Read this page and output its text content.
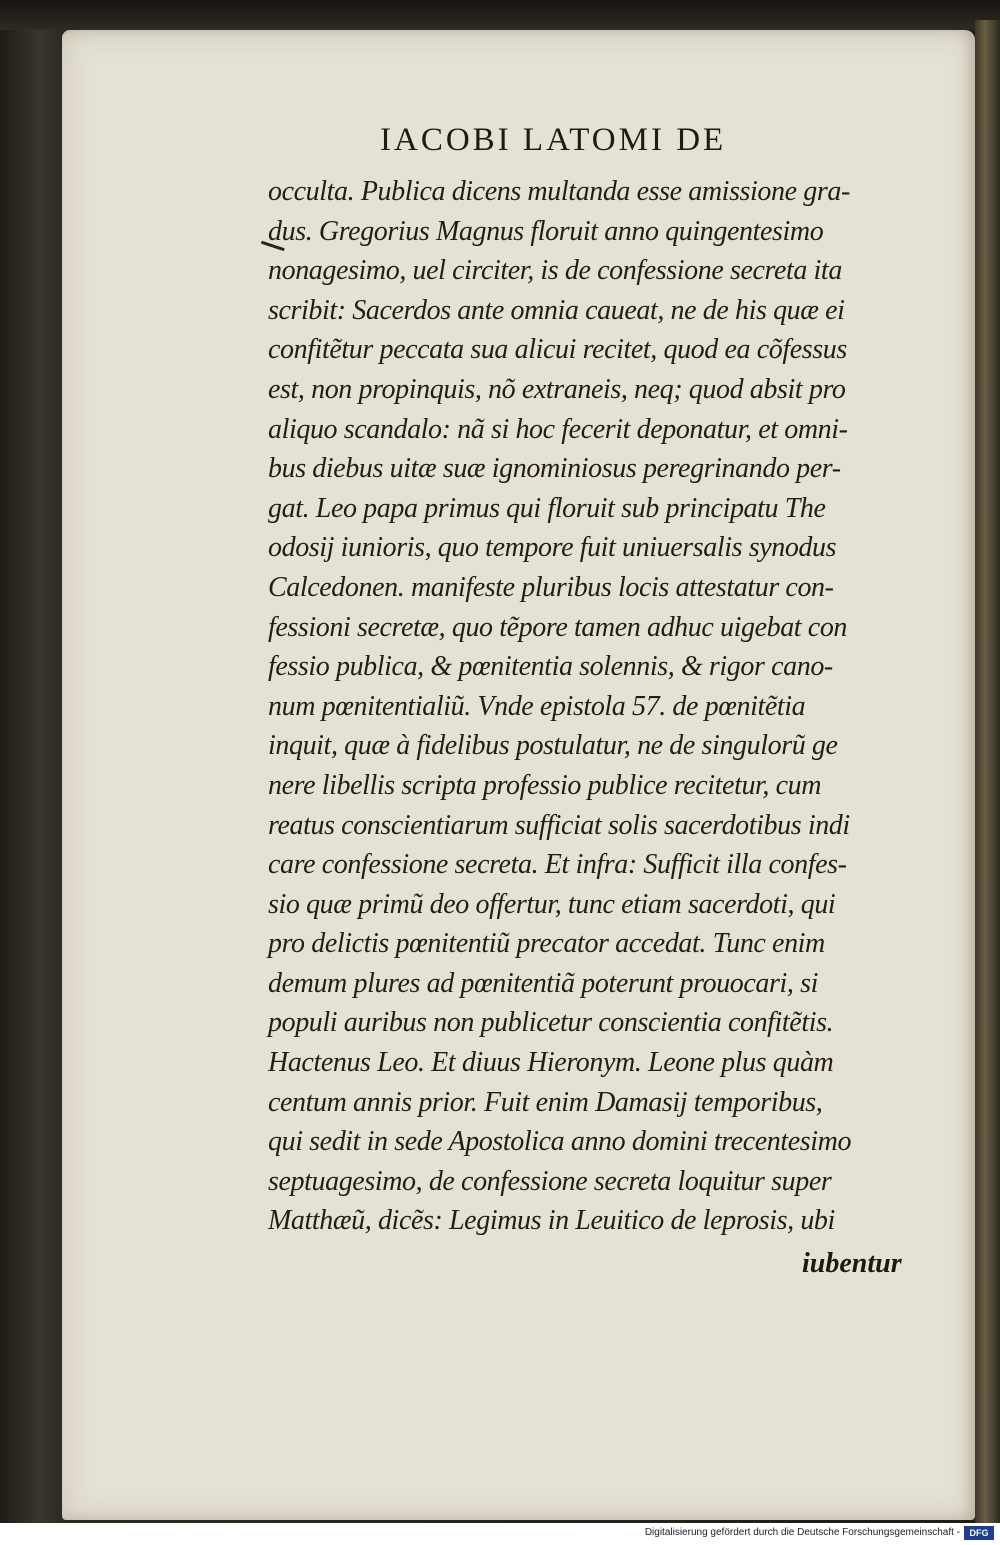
IACOBI LATOMI DE
occulta. Publica dicens multanda esse amissione gra-
dus. Gregorius Magnus floruit anno quingentesimo
nonagesimo, uel circiter, is de confessione secreta ita
scribit: Sacerdos ante omnia caueat, ne de his quæ ei
confitẽtur peccata sua alicui recitet, quod ea cõfessus
est, non propinquis, nõ extraneis, neq; quod absit pro
aliquo scandalo: nã si hoc fecerit deponatur, et omni-
bus diebus uitæ suæ ignominiosus peregrinando per-
gat. Leo papa primus qui floruit sub principatu The
odosij iunioris, quo tempore fuit uniuersalis synodus
Calcedonen. manifeste pluribus locis attestatur con-
fessioni secretæ, quo tẽpore tamen adhuc uigebat con
fessio publica, & pœnitentia solennis, & rigor cano-
num pœnitentialiũ. Vnde epistola 57. de pœnitẽtia
inquit, quæ à fidelibus postulatur, ne de singulorũ ge
nere libellis scripta professio publice recitetur, cum
reatus conscientiarum sufficiat solis sacerdotibus indi
care confessione secreta. Et infra: Sufficit illa confes-
sio quæ primũ deo offertur, tunc etiam sacerdoti, qui
pro delictis pœnitentiũ precator accedat. Tunc enim
demum plures ad pœnitentiã poterunt prouocari, si
populi auribus non publicetur conscientia confitẽtis.
Hactenus Leo. Et diuus Hieronym. Leone plus quàm
centum annis prior. Fuit enim Damasij temporibus,
qui sedit in sede Apostolica anno domini trecentesimo
septuagesimo, de confessione secreta loquitur super
Matthæũ, dicẽs: Legimus in Leuitico de leprosis, ubi
iubentur
Digitalisierung gefördert durch die Deutsche Forschungsgemeinschaft -	DFG
